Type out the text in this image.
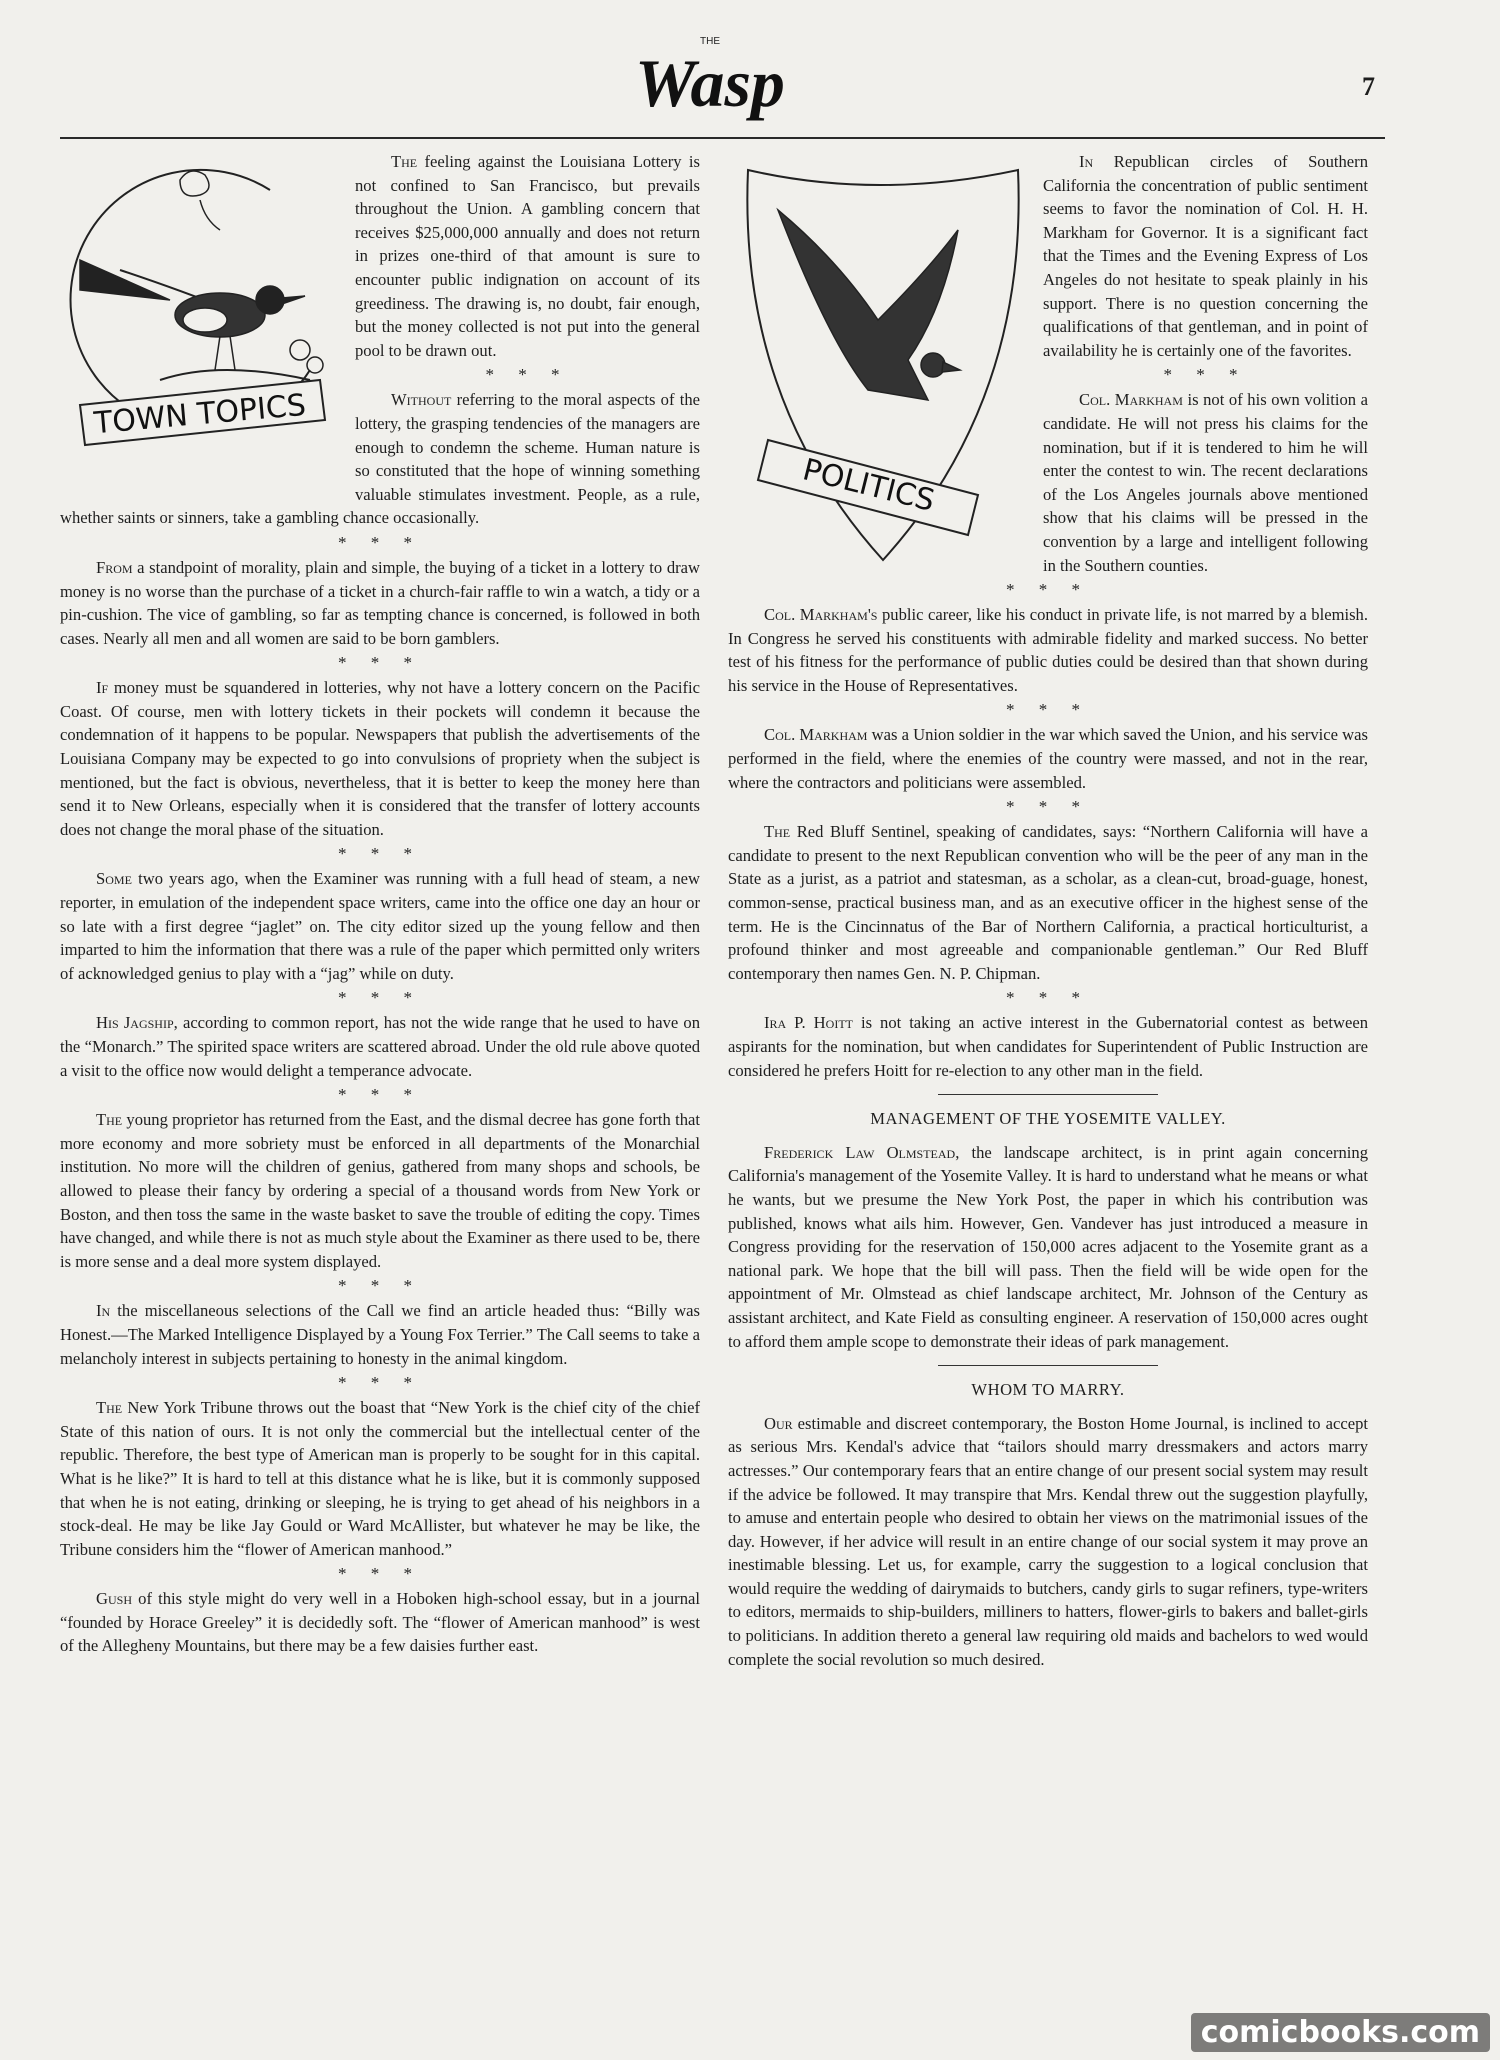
THE
Wasp	7
TOWN TOPICS

The feeling against the Louisiana Lottery is not confined to San Francisco, but prevails throughout the Union. A gambling concern that receives $25,000,000 annually and does not return in prizes one-third of that amount is sure to encounter public indignation on account of its greediness. The drawing is, no doubt, fair enough, but the money collected is not put into the general pool to be drawn out.

* * *

Without referring to the moral aspects of the lottery, the grasping tendencies of the managers are enough to condemn the scheme. Human nature is so constituted that the hope of winning something valuable stimulates investment. People, as a rule, whether saints or sinners, take a gambling chance occasionally.

* * *

From a standpoint of morality, plain and simple, the buying of a ticket in a lottery to draw money is no worse than the purchase of a ticket in a church-fair raffle to win a watch, a tidy or a pin-cushion. The vice of gambling, so far as tempting chance is concerned, is followed in both cases. Nearly all men and all women are said to be born gamblers.

* * *

If money must be squandered in lotteries, why not have a lottery concern on the Pacific Coast. Of course, men with lottery tickets in their pockets will condemn it because the condemnation of it happens to be popular. Newspapers that publish the advertisements of the Louisiana Company may be expected to go into convulsions of propriety when the subject is mentioned, but the fact is obvious, nevertheless, that it is better to keep the money here than send it to New Orleans, especially when it is considered that the transfer of lottery accounts does not change the moral phase of the situation.

* * *

Some two years ago, when the Examiner was running with a full head of steam, a new reporter, in emulation of the independent space writers, came into the office one day an hour or so late with a first degree “jaglet” on. The city editor sized up the young fellow and then imparted to him the information that there was a rule of the paper which permitted only writers of acknowledged genius to play with a “jag” while on duty.

* * *

His Jagship, according to common report, has not the wide range that he used to have on the “Monarch.” The spirited space writers are scattered abroad. Under the old rule above quoted a visit to the office now would delight a temperance advocate.

* * *

The young proprietor has returned from the East, and the dismal decree has gone forth that more economy and more sobriety must be enforced in all departments of the Monarchial institution. No more will the children of genius, gathered from many shops and schools, be allowed to please their fancy by ordering a special of a thousand words from New York or Boston, and then toss the same in the waste basket to save the trouble of editing the copy. Times have changed, and while there is not as much style about the Examiner as there used to be, there is more sense and a deal more system displayed.

* * *

In the miscellaneous selections of the Call we find an article headed thus: “Billy was Honest.—The Marked Intelligence Displayed by a Young Fox Terrier.” The Call seems to take a melancholy interest in subjects pertaining to honesty in the animal kingdom.

* * *

The New York Tribune throws out the boast that “New York is the chief city of the chief State of this nation of ours. It is not only the commercial but the intellectual center of the republic. Therefore, the best type of American man is properly to be sought for in this capital. What is he like?” It is hard to tell at this distance what he is like, but it is commonly supposed that when he is not eating, drinking or sleeping, he is trying to get ahead of his neighbors in a stock-deal. He may be like Jay Gould or Ward McAllister, but whatever he may be like, the Tribune considers him the “flower of American manhood.”

* * *

Gush of this style might do very well in a Hoboken high-school essay, but in a journal “founded by Horace Greeley” it is decidedly soft. The “flower of American manhood” is west of the Allegheny Mountains, but there may be a few daisies further east.

POLITICS

In Republican circles of Southern California the concentration of public sentiment seems to favor the nomination of Col. H. H. Markham for Governor. It is a significant fact that the Times and the Evening Express of Los Angeles do not hesitate to speak plainly in his support. There is no question concerning the qualifications of that gentleman, and in point of availability he is certainly one of the favorites.

* * *

Col. Markham is not of his own volition a candidate. He will not press his claims for the nomination, but if it is tendered to him he will enter the contest to win. The recent declarations of the Los Angeles journals above mentioned show that his claims will be pressed in the convention by a large and intelligent following in the Southern counties.

* * *

Col. Markham's public career, like his conduct in private life, is not marred by a blemish. In Congress he served his constituents with admirable fidelity and marked success. No better test of his fitness for the performance of public duties could be desired than that shown during his service in the House of Representatives.

* * *

Col. Markham was a Union soldier in the war which saved the Union, and his service was performed in the field, where the enemies of the country were massed, and not in the rear, where the contractors and politicians were assembled.

* * *

The Red Bluff Sentinel, speaking of candidates, says: “Northern California will have a candidate to present to the next Republican convention who will be the peer of any man in the State as a jurist, as a patriot and statesman, as a scholar, as a clean-cut, broad-guage, honest, common-sense, practical business man, and as an executive officer in the highest sense of the term. He is the Cincinnatus of the Bar of Northern California, a practical horticulturist, a profound thinker and most agreeable and companionable gentleman.” Our Red Bluff contemporary then names Gen. N. P. Chipman.

* * *

Ira P. Hoitt is not taking an active interest in the Gubernatorial contest as between aspirants for the nomination, but when candidates for Superintendent of Public Instruction are considered he prefers Hoitt for re-election to any other man in the field.

MANAGEMENT OF THE YOSEMITE VALLEY.

Frederick Law Olmstead, the landscape architect, is in print again concerning California's management of the Yosemite Valley. It is hard to understand what he means or what he wants, but we presume the New York Post, the paper in which his contribution was published, knows what ails him. However, Gen. Vandever has just introduced a measure in Congress providing for the reservation of 150,000 acres adjacent to the Yosemite grant as a national park. We hope that the bill will pass. Then the field will be wide open for the appointment of Mr. Olmstead as chief landscape architect, Mr. Johnson of the Century as assistant architect, and Kate Field as consulting engineer. A reservation of 150,000 acres ought to afford them ample scope to demonstrate their ideas of park management.

WHOM TO MARRY.

Our estimable and discreet contemporary, the Boston Home Journal, is inclined to accept as serious Mrs. Kendal's advice that “tailors should marry dressmakers and actors marry actresses.” Our contemporary fears that an entire change of our present social system may result if the advice be followed. It may transpire that Mrs. Kendal threw out the suggestion playfully, to amuse and entertain people who desired to obtain her views on the matrimonial issues of the day. However, if her advice will result in an entire change of our social system it may prove an inestimable blessing. Let us, for example, carry the suggestion to a logical conclusion that would require the wedding of dairymaids to butchers, candy girls to sugar refiners, type-writers to editors, mermaids to ship-builders, milliners to hatters, flower-girls to bakers and ballet-girls to politicians. In addition thereto a general law requiring old maids and bachelors to wed would complete the social revolution so much desired.

comicbooks.com
